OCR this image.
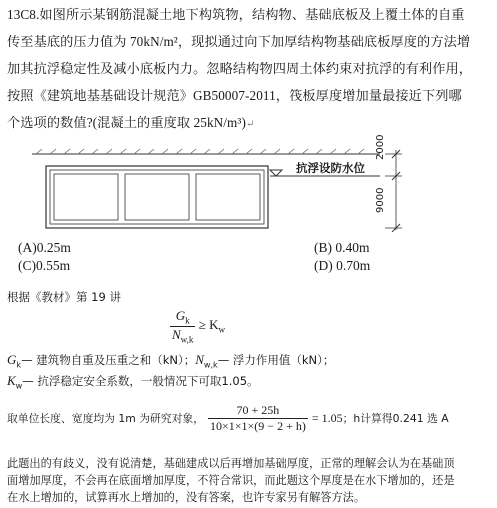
13C8.如图所示某钢筋混凝土地下构筑物，结构物、基础底板及上覆土体的自重
传至基底的压力值为 70kN/m²，现拟通过向下加厚结构物基础底板厚度的方法增
加其抗浮稳定性及减小底板内力。忽略结构物四周土体约束对抗浮的有利作用，
按照《建筑地基基础设计规范》GB50007-2011，筏板厚度增加量最接近下列哪
个选项的数值?(混凝土的重度取 25kN/m³)↵
抗浮设防水位
2000
9000
(A)0.25m	(B) 0.40m
(C)0.55m	(D) 0.70m
根据《教材》第 19 讲
$\frac{G_k}{N_{w,k}} \ge K_w$
$G_k—$ 建筑物自重及压重之和（kN）；$N_{w,k}—$ 浮力作用值（kN）；
$K_w—$ 抗浮稳定安全系数，一般情况下可取1.05。
取单位长度、宽度均为 1m 为研究对象， $\frac{70 + 25h}{10\times 1\times 1\times(9 - 2 + h)} = 1.05$ ；h计算得0.241 选 A
此题出的有歧义，没有说清楚，基础建成以后再增加基础厚度，正常的理解会认为在基础顶
面增加厚度，不会再在底面增加厚度，不符合常识，而此题这个厚度是在水下增加的，还是
在水上增加的，试算再水上增加的，没有答案，也许专家另有解答方法。
